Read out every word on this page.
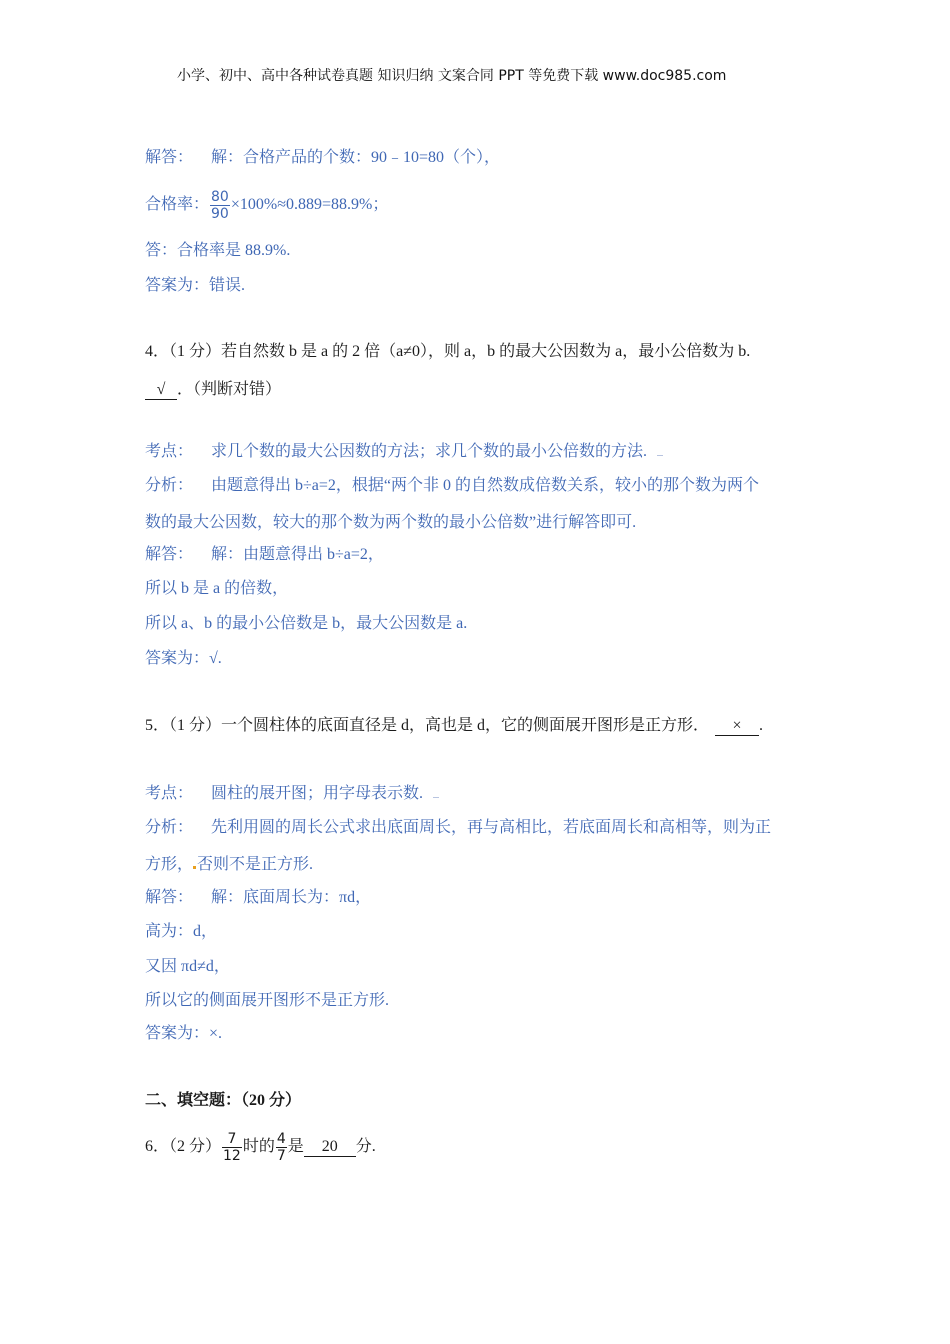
小学、初中、高中各种试卷真题 知识归纳 文案合同 PPT 等免费下载 www.doc985.com
解答： 解：合格产品的个数：90﹣10=80（个），
合格率： $\frac{80}{90} \times 100\%\approx 0.889=88.9\%$；
答：合格率是 88.9%.
答案为：错误.
4．（1 分）若自然数 b 是 a 的 2 倍（a≠0），则 a，b 的最大公因数为 a，最小公倍数为 b.
√ ．（判断对错）
考点： 求几个数的最大公因数的方法；求几个数的最小公倍数的方法.
分析： 由题意得出 b÷a=2，根据“两个非 0 的自然数成倍数关系，较小的那个数为两个
数的最大公因数，较大的那个数为两个数的最小公倍数”进行解答即可.
解答： 解：由题意得出 b÷a=2，
所以 b 是 a 的倍数，
所以 a、b 的最小公倍数是 b，最大公因数是 a.
答案为：√.
5．（1 分）一个圆柱体的底面直径是 d，高也是 d，它的侧面展开图形是正方形． × .
考点： 圆柱的展开图；用字母表示数.
分析： 先利用圆的周长公式求出底面周长，再与高相比，若底面周长和高相等，则为正
方形， 否则不是正方形.
解答： 解：底面周长为：πd，
高为：d，
又因 πd≠d，
所以它的侧面展开图形不是正方形.
答案为：×.
二、填空题：（20 分）
6．（2 分） $\frac{7}{12}$ 时的 $\frac{4}{7}$ 是 20 分.
